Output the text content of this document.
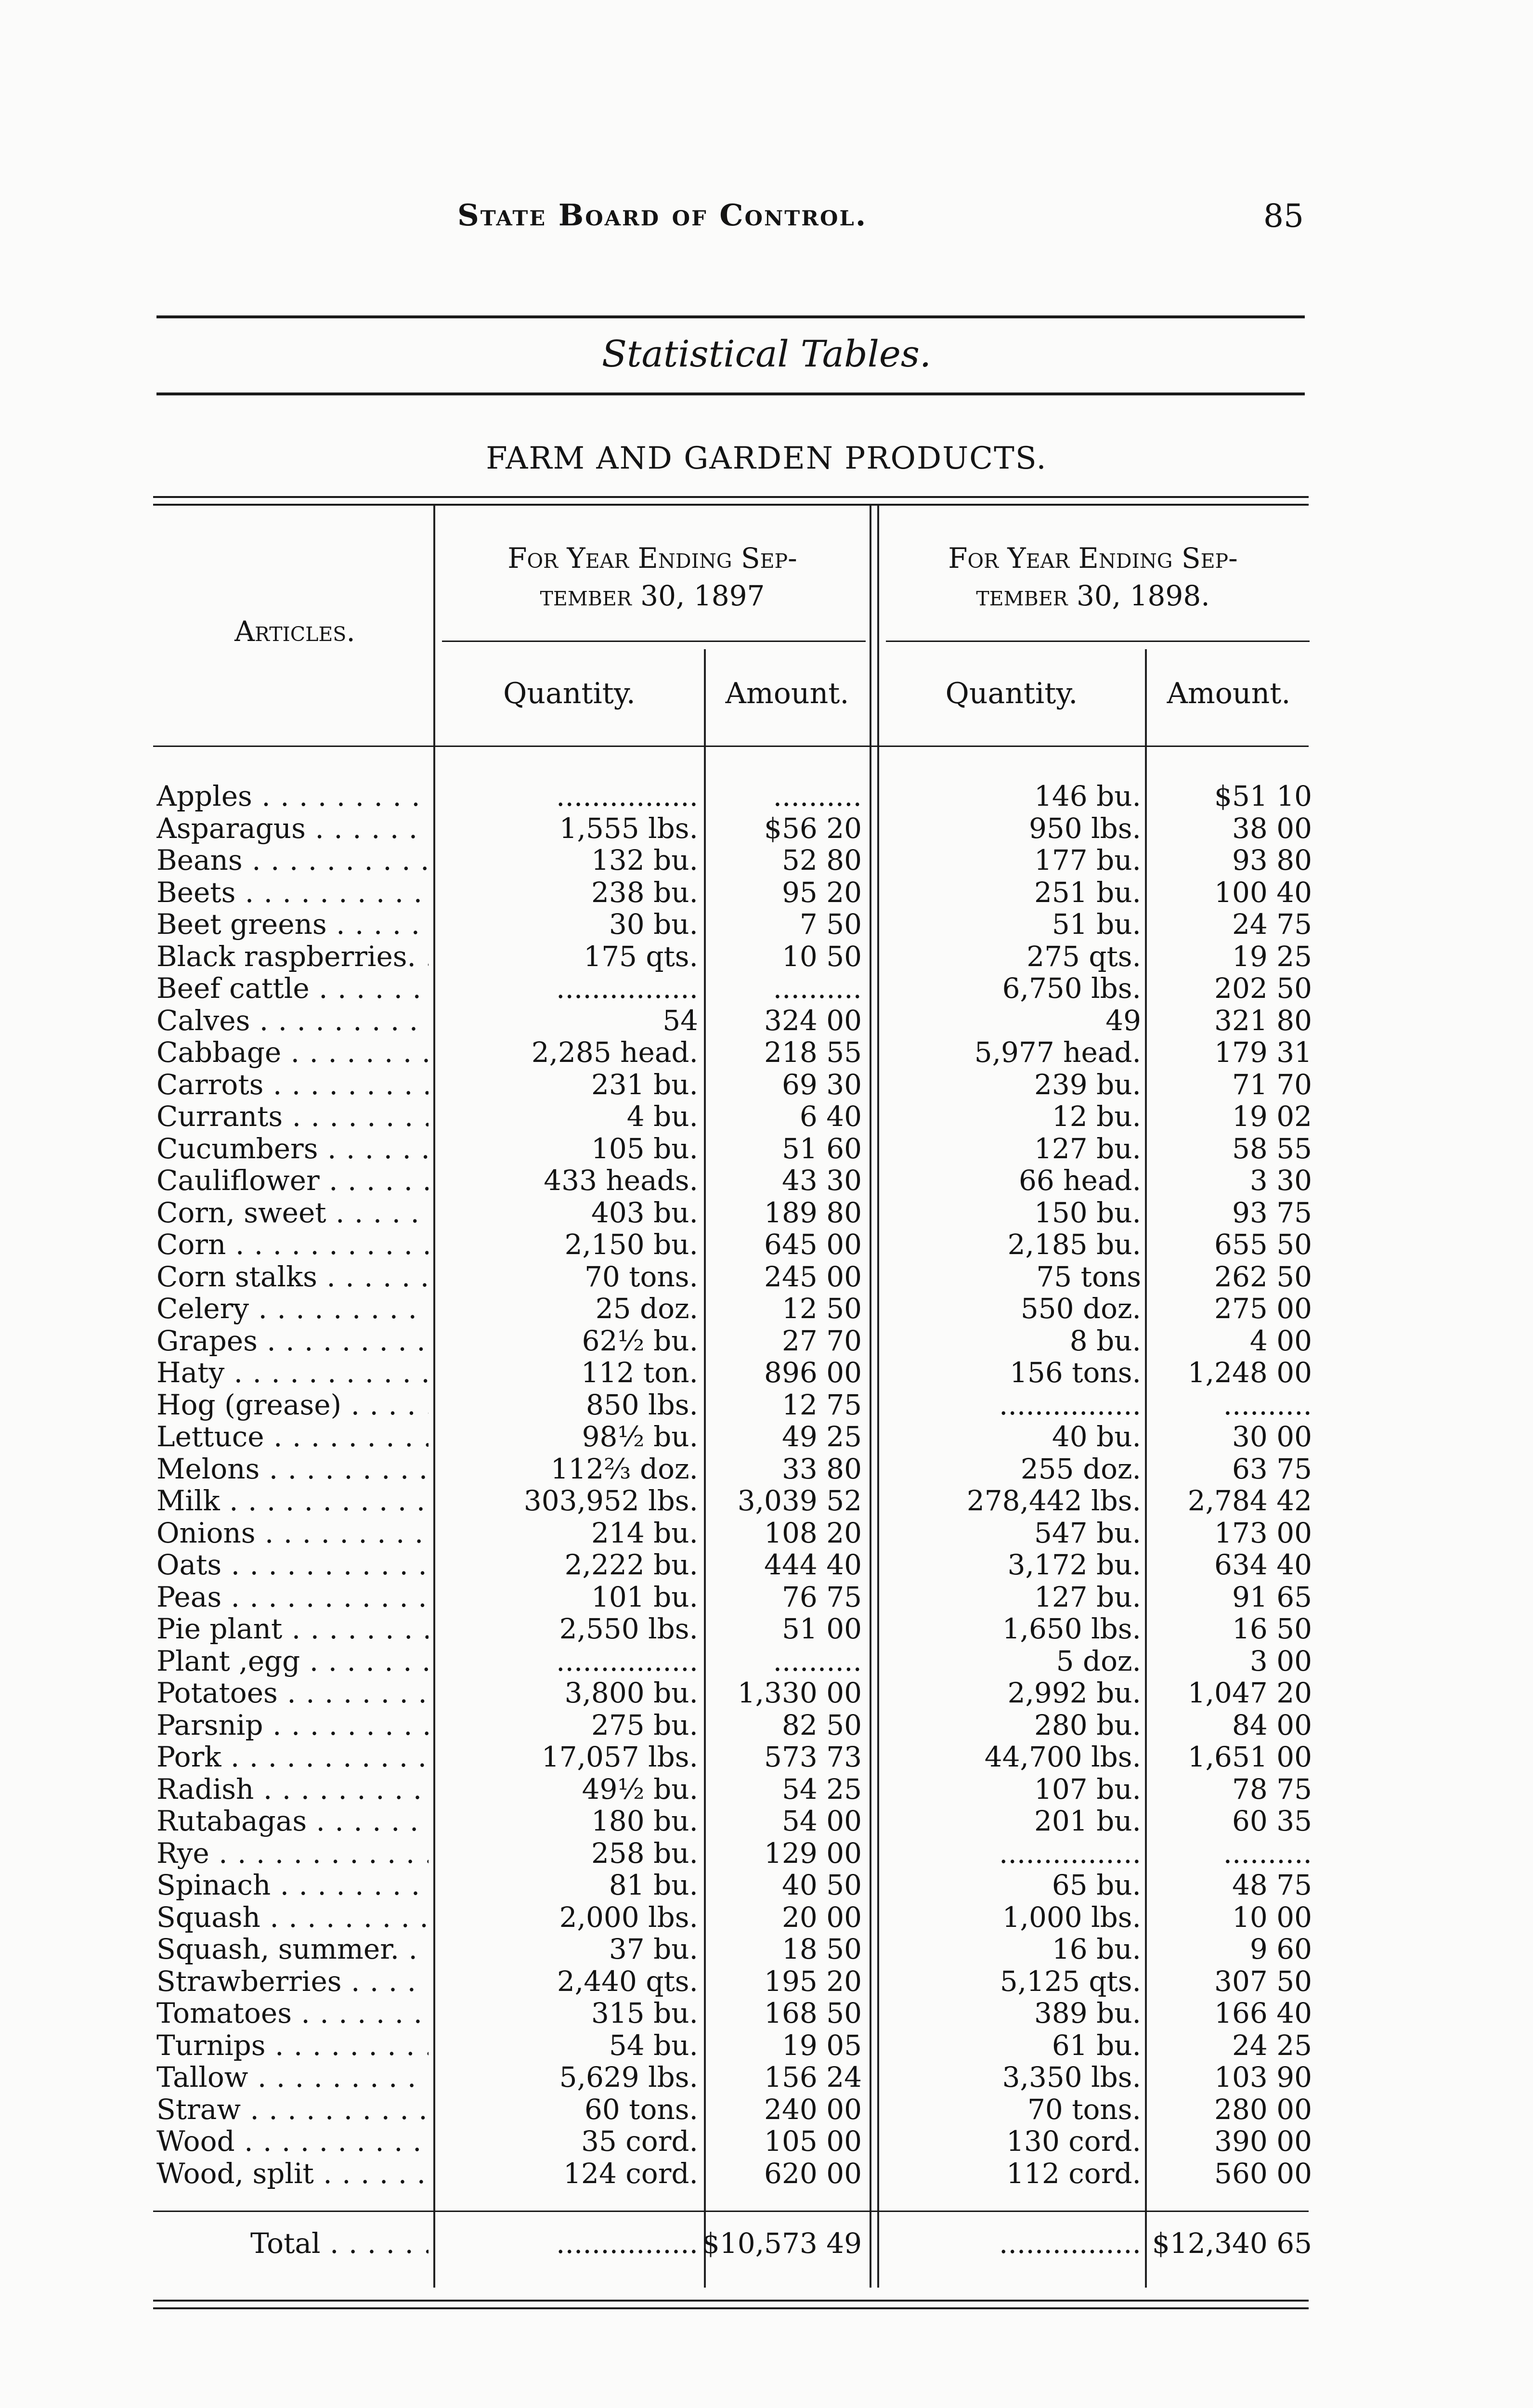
State Board of Control.	85
Statistical Tables.
FARM AND GARDEN PRODUCTS.
Articles.
For Year Ending Sep-
tember 30, 1897
For Year Ending Sep-
tember 30, 1898.
Quantity.	Amount.	Quantity.	Amount.
Apples . . .	................	..........	146 bu.	$51 10
Asparagus . . .	1,555 lbs. $56 20	950 lbs.	38 00
Beans . . .	132 bu.	52 80	177 bu.	93 80
Beets . . .	238 bu.	95 20	251 bu.	100 40
Beet greens . . .	30 bu.	7 50	51 bu.	24 75
Black raspberries. . . .	175 qts.	10 50	275 qts.	19 25
Beef cattle . . .	................	..........	6,750 lbs.	202 50
Calves . . .	54 324 00	49	321 80
Cabbage . . .	2,285 head. 218 55	5,977 head.	179 31
Carrots . . .	231 bu.	69 30	239 bu.	71 70
Currants . . .	4 bu.	6 40	12 bu.	19 02
Cucumbers . . .	105 bu.	51 60	127 bu.	58 55
Cauliflower . . .	433 heads.	43 30	66 head.	3 30
Corn, sweet . . .	403 bu. 189 80	150 bu.	93 75
Corn . . .	2,150 bu. 645 00	2,185 bu.	655 50
Corn stalks . . .	70 tons. 245 00	75 tons	262 50
Celery . . .	25 doz.	12 50	550 doz.	275 00
Grapes . . .	62½ bu.	27 70	8 bu.	4 00
Haty . . .	112 ton. 896 00	156 tons. 1,248 00
Hog (grease) . . .	850 lbs.	12 75	................	..........
Lettuce . . .	98½ bu.	49 25	40 bu.	30 00
Melons . . .	112⅔ doz.	33 80	255 doz.	63 75
Milk . . .	303,952 lbs. 3,039 52	278,442 lbs. 2,784 42
Onions . . .	214 bu. 108 20	547 bu.	173 00
Oats . . .	2,222 bu. 444 40	3,172 bu.	634 40
Peas . . .	101 bu.	76 75	127 bu.	91 65
Pie plant . . .	2,550 lbs.	51 00	1,650 lbs.	16 50
Plant ,egg . . .	................	..........	5 doz.	3 00
Potatoes . . .	3,800 bu. 1,330 00	2,992 bu. 1,047 20
Parsnip . . .	275 bu.	82 50	280 bu.	84 00
Pork . . .	17,057 lbs. 573 73	44,700 lbs. 1,651 00
Radish . . .	49½ bu.	54 25	107 bu.	78 75
Rutabagas . . .	180 bu.	54 00	201 bu.	60 35
Rye . . .	258 bu. 129 00	................	..........
Spinach . . .	81 bu.	40 50	65 bu.	48 75
Squash . . .	2,000 lbs.	20 00	1,000 lbs.	10 00
Squash, summer. . . .	37 bu.	18 50	16 bu.	9 60
Strawberries . . .	2,440 qts. 195 20	5,125 qts.	307 50
Tomatoes . . .	315 bu. 168 50	389 bu.	166 40
Turnips . . .	54 bu.	19 05	61 bu.	24 25
Tallow . . .	5,629 lbs. 156 24	3,350 lbs.	103 90
Straw . . .	60 tons. 240 00	70 tons.	280 00
Wood . . .	35 cord. 105 00	130 cord.	390 00
Wood, split . . .	124 cord. 620 00	112 cord.	560 00
Total . . .	................ $10,573 49	................ $12,340 65
